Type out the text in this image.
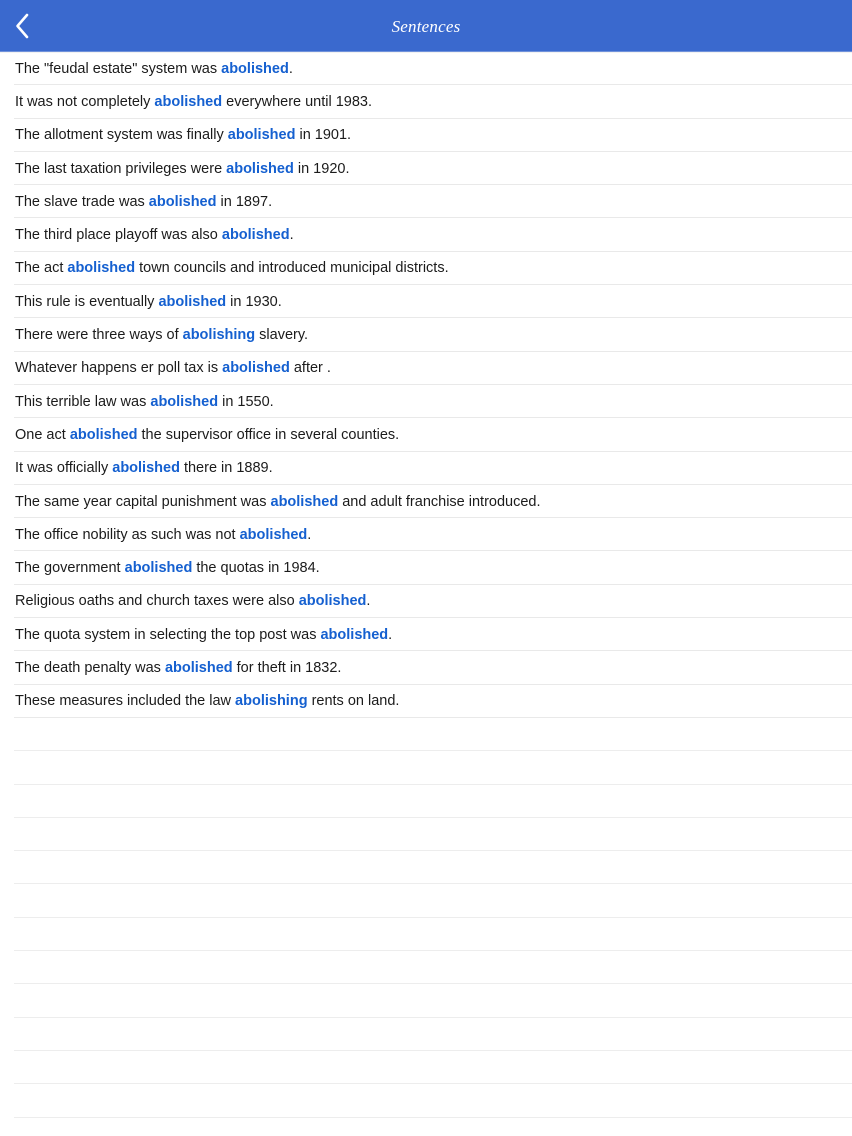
Sentences
The "feudal estate" system was abolished.
It was not completely abolished everywhere until 1983.
The allotment system was finally abolished in 1901.
The last taxation privileges were abolished in 1920.
The slave trade was abolished in 1897.
The third place playoff was also abolished.
The act abolished town councils and introduced municipal districts.
This rule is eventually abolished in 1930.
There were three ways of abolishing slavery.
Whatever happens er poll tax is abolished after .
This terrible law was abolished in 1550.
One act abolished the supervisor office in several counties.
It was officially abolished there in 1889.
The same year capital punishment was abolished and adult franchise introduced.
The office nobility as such was not abolished.
The government abolished the quotas in 1984.
Religious oaths and church taxes were also abolished.
The quota system in selecting the top post was abolished.
The death penalty was abolished for theft in 1832.
These measures included the law abolishing rents on land.
